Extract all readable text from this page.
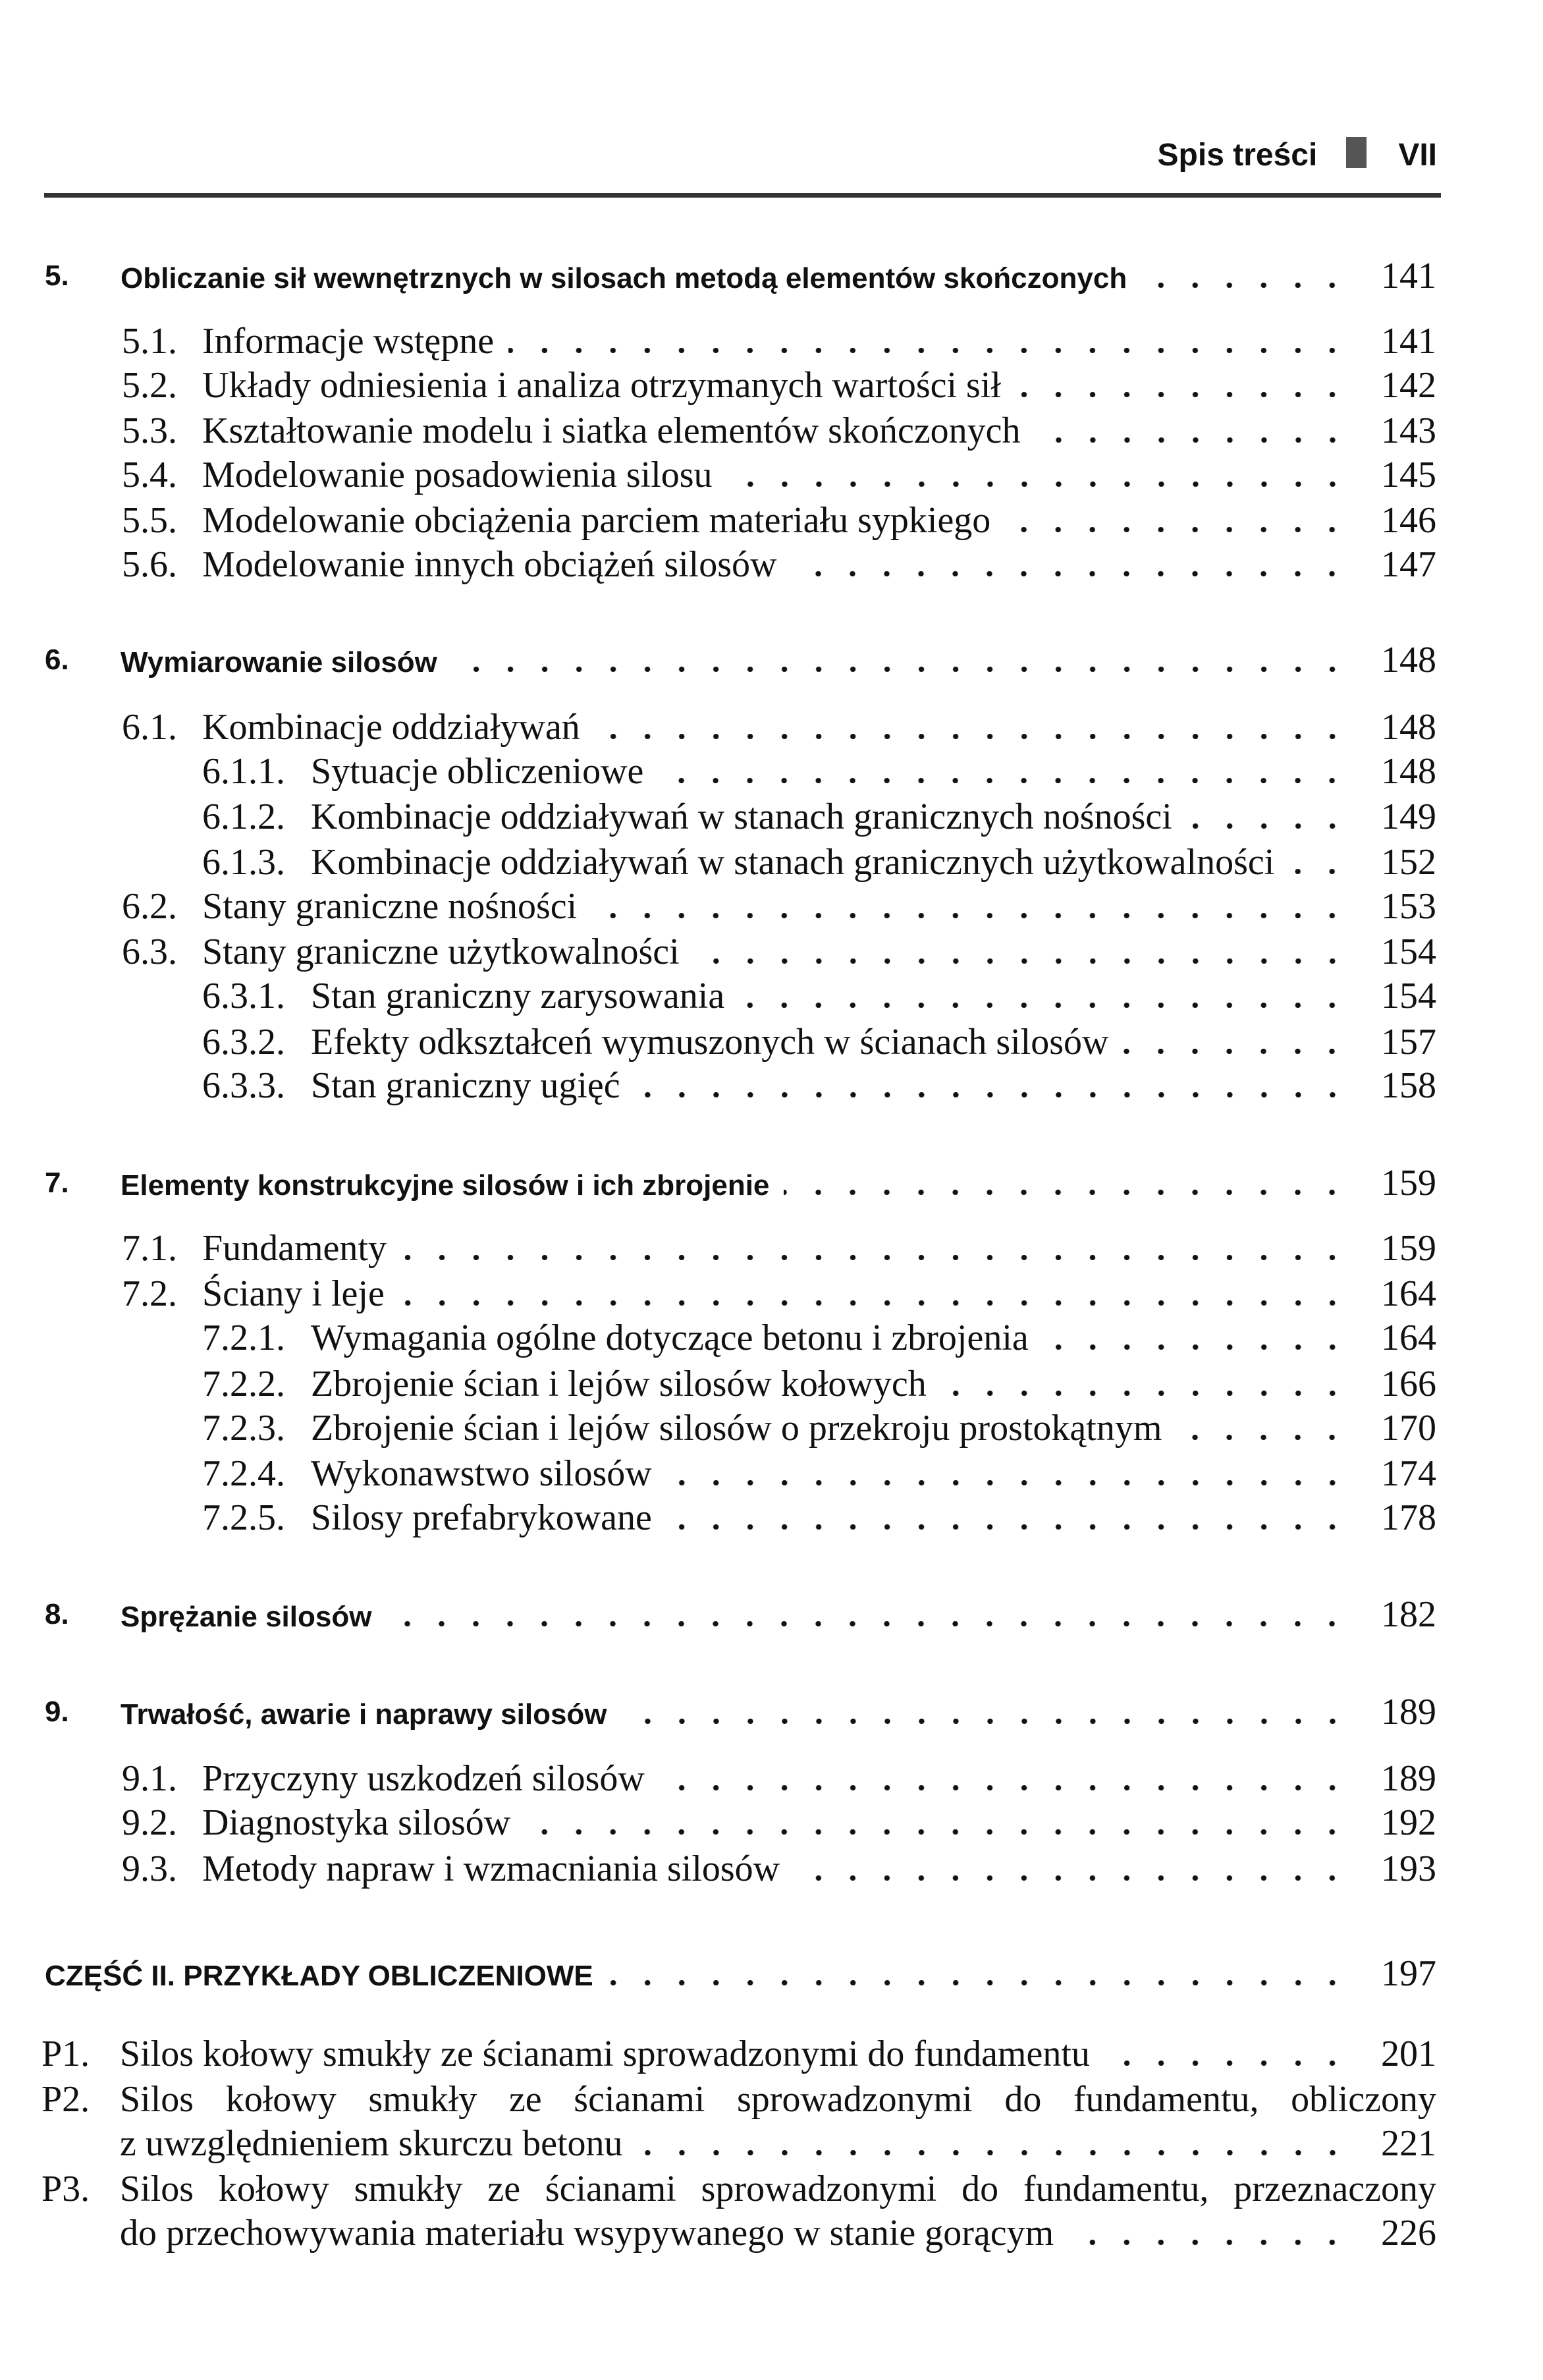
Spis treści	VII
5. Obliczanie sił wewnętrznych w silosach metodą elementów skończonych	141
5.1. Informacje wstępne	141
5.2. Układy odniesienia i analiza otrzymanych wartości sił	142
5.3. Kształtowanie modelu i siatka elementów skończonych	143
5.4. Modelowanie posadowienia silosu	145
5.5. Modelowanie obciążenia parciem materiału sypkiego	146
5.6. Modelowanie innych obciążeń silosów	147
6. Wymiarowanie silosów	148
6.1. Kombinacje oddziaływań	148
6.1.1. Sytuacje obliczeniowe	148
6.1.2. Kombinacje oddziaływań w stanach granicznych nośności	149
6.1.3. Kombinacje oddziaływań w stanach granicznych użytkowalności	152
6.2. Stany graniczne nośności	153
6.3. Stany graniczne użytkowalności	154
6.3.1. Stan graniczny zarysowania	154
6.3.2. Efekty odkształceń wymuszonych w ścianach silosów	157
6.3.3. Stan graniczny ugięć	158
7. Elementy konstrukcyjne silosów i ich zbrojenie	159
7.1. Fundamenty	159
7.2. Ściany i leje	164
7.2.1. Wymagania ogólne dotyczące betonu i zbrojenia	164
7.2.2. Zbrojenie ścian i lejów silosów kołowych	166
7.2.3. Zbrojenie ścian i lejów silosów o przekroju prostokątnym	170
7.2.4. Wykonawstwo silosów	174
7.2.5. Silosy prefabrykowane	178
8. Sprężanie silosów	182
9. Trwałość, awarie i naprawy silosów	189
9.1. Przyczyny uszkodzeń silosów	189
9.2. Diagnostyka silosów	192
9.3. Metody napraw i wzmacniania silosów	193
CZĘŚĆ II. PRZYKŁADY OBLICZENIOWE	197
P1. Silos kołowy smukły ze ścianami sprowadzonymi do fundamentu	201
P2. Silos kołowy smukły ze ścianami sprowadzonymi do fundamentu, obliczony
z uwzględnieniem skurczu betonu	221
P3. Silos kołowy smukły ze ścianami sprowadzonymi do fundamentu, przeznaczony
do przechowywania materiału wsypywanego w stanie gorącym	226
